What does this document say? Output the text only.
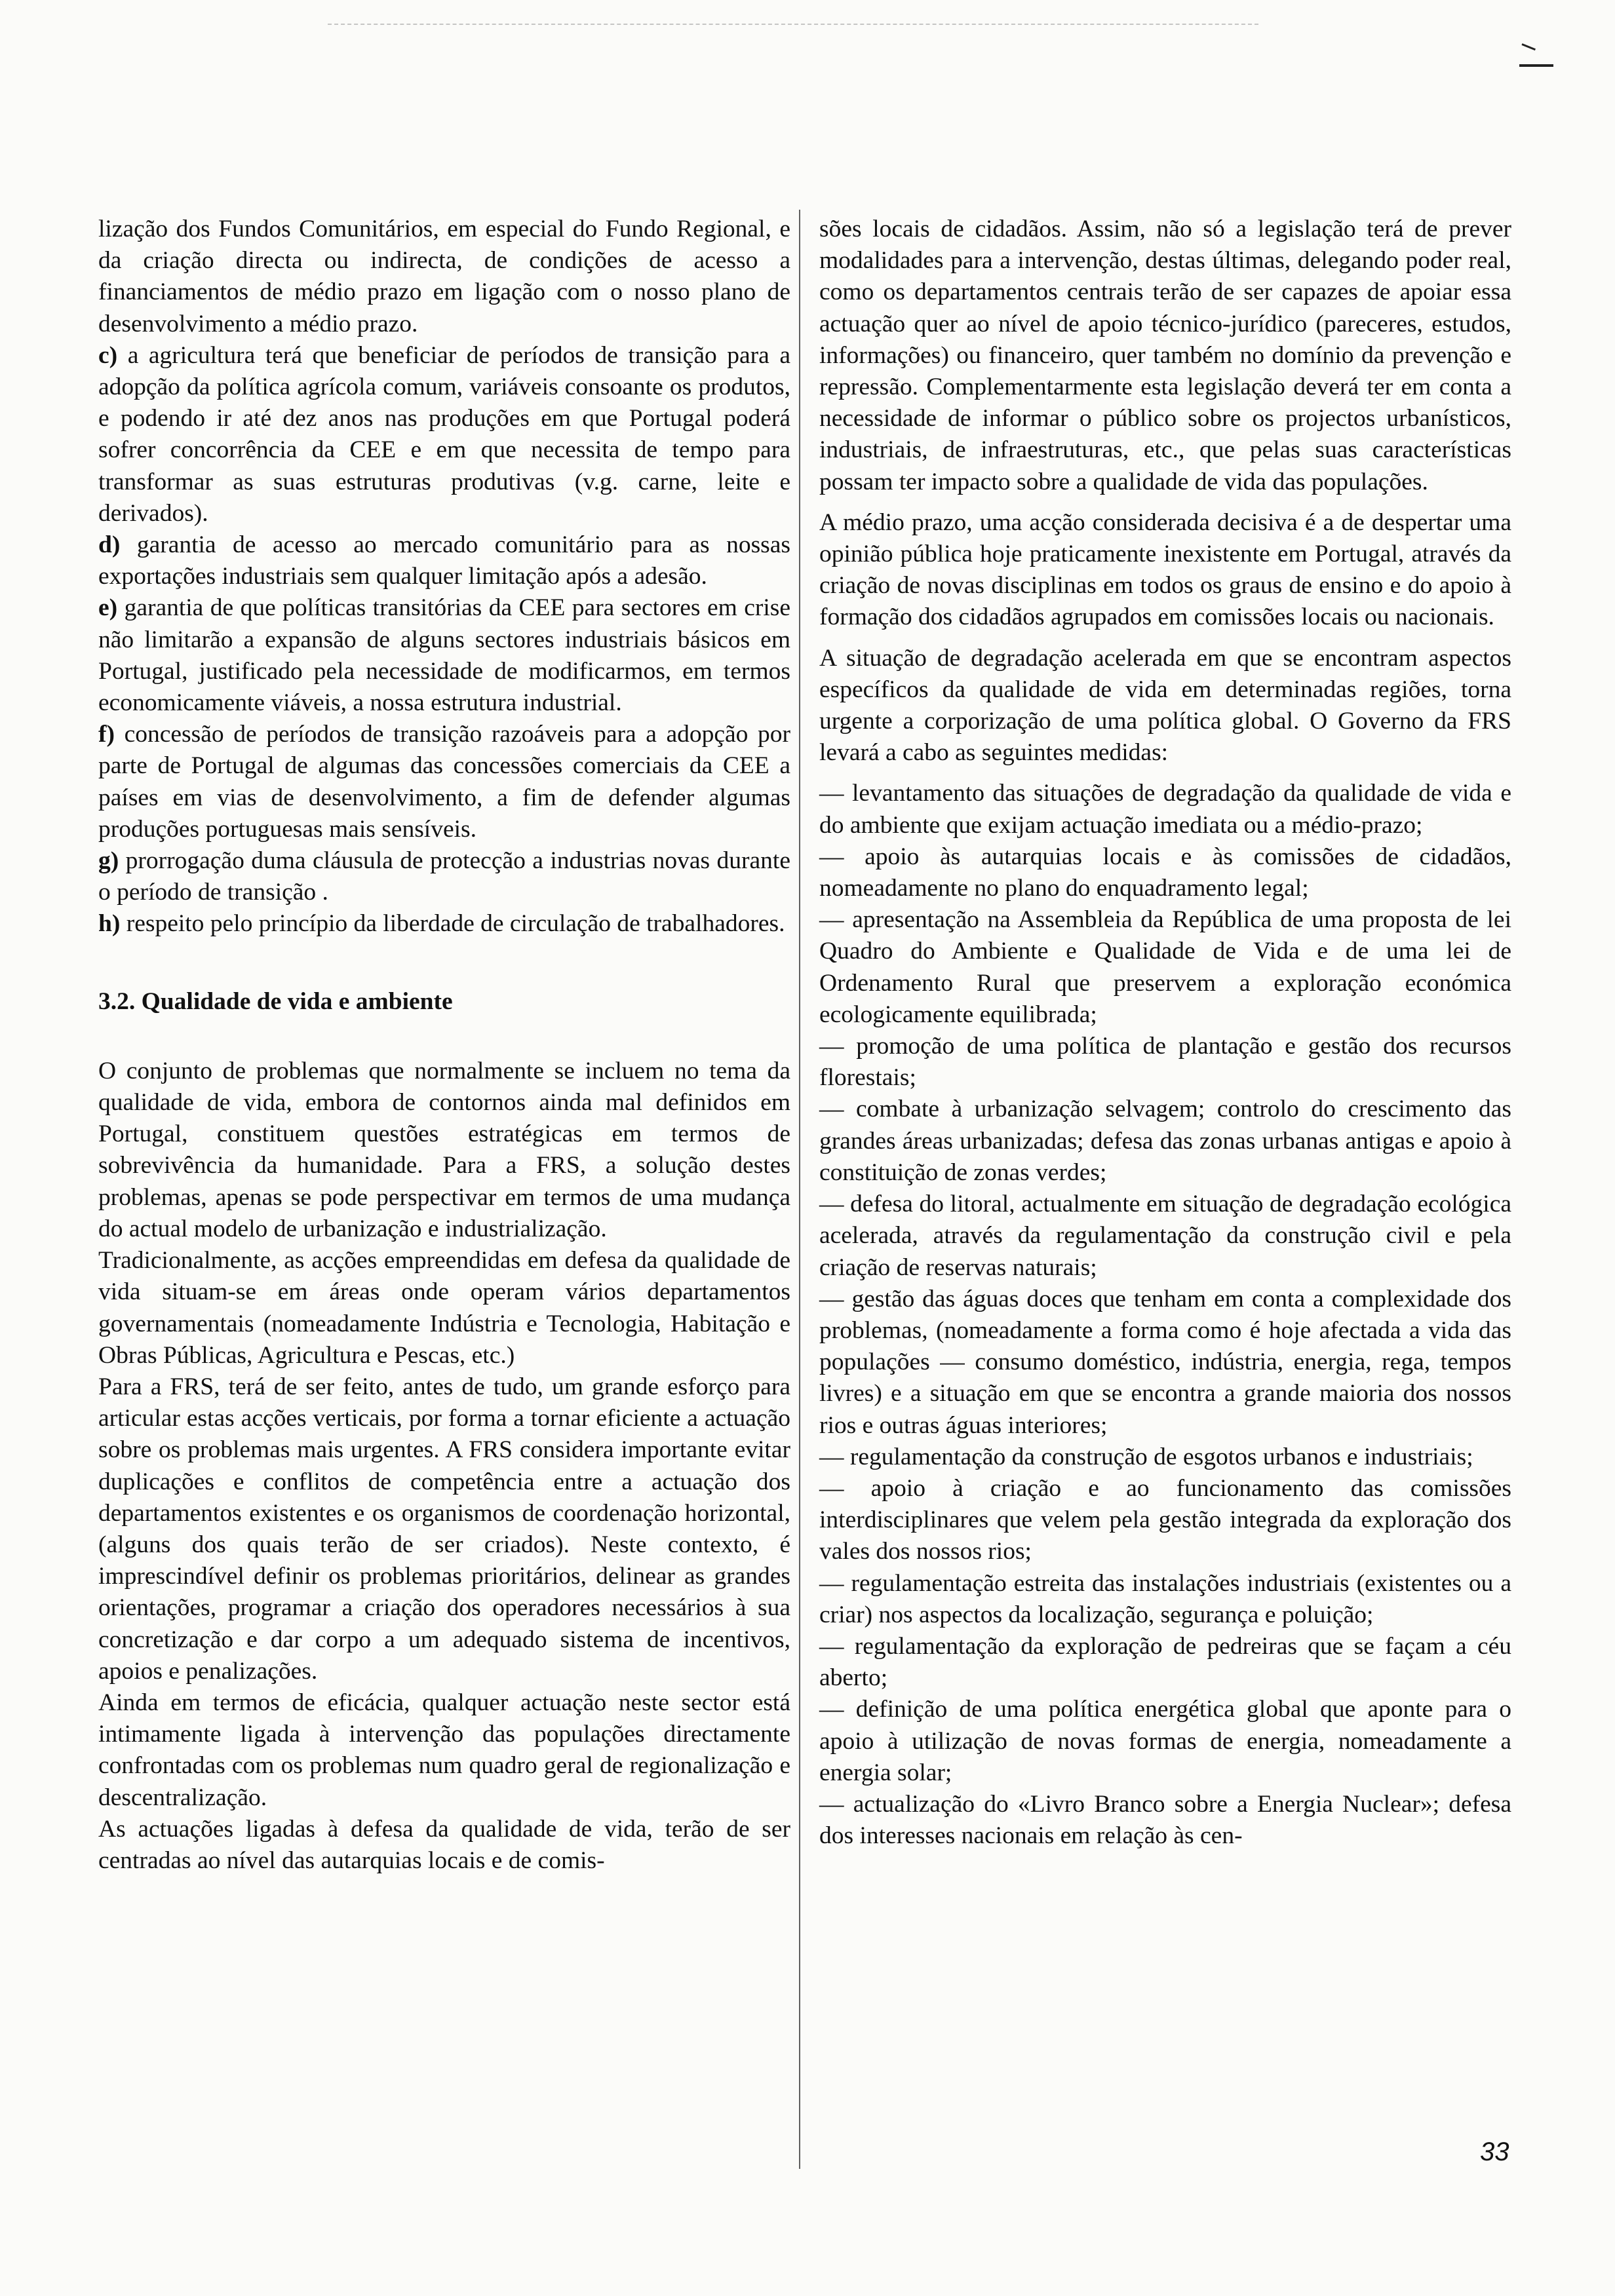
lização dos Fundos Comunitários, em especial do Fundo Regional, e da criação directa ou indirecta, de condições de acesso a financiamentos de médio prazo em ligação com o nosso plano de desenvolvimento a médio prazo.

c) a agricultura terá que beneficiar de períodos de transição para a adopção da política agrícola comum, variáveis consoante os produtos, e podendo ir até dez anos nas produções em que Portugal poderá sofrer concorrência da CEE e em que necessita de tempo para transformar as suas estruturas produtivas (v.g. carne, leite e derivados).

d) garantia de acesso ao mercado comunitário para as nossas exportações industriais sem qualquer limitação após a adesão.

e) garantia de que políticas transitórias da CEE para sectores em crise não limitarão a expansão de alguns sectores industriais básicos em Portugal, justificado pela necessidade de modificarmos, em termos economicamente viáveis, a nossa estrutura industrial.

f) concessão de períodos de transição razoáveis para a adopção por parte de Portugal de algumas das concessões comerciais da CEE a países em vias de desenvolvimento, a fim de defender algumas produções portuguesas mais sensíveis.

g) prorrogação duma cláusula de protecção a industrias novas durante o período de transição .

h) respeito pelo princípio da liberdade de circulação de trabalhadores.

3.2. Qualidade de vida e ambiente

O conjunto de problemas que normalmente se incluem no tema da qualidade de vida, embora de contornos ainda mal definidos em Portugal, constituem questões estratégicas em termos de sobrevivência da humanidade. Para a FRS, a solução destes problemas, apenas se pode perspectivar em termos de uma mudança do actual modelo de urbanização e industrialização.

Tradicionalmente, as acções empreendidas em defesa da qualidade de vida situam-se em áreas onde operam vários departamentos governamentais (nomeadamente Indústria e Tecnologia, Habitação e Obras Públicas, Agricultura e Pescas, etc.)

Para a FRS, terá de ser feito, antes de tudo, um grande esforço para articular estas acções verticais, por forma a tornar eficiente a actuação sobre os problemas mais urgentes. A FRS considera importante evitar duplicações e conflitos de competência entre a actuação dos departamentos existentes e os organismos de coordenação horizontal, (alguns dos quais terão de ser criados). Neste contexto, é imprescindível definir os problemas prioritários, delinear as grandes orientações, programar a criação dos operadores necessários à sua concretização e dar corpo a um adequado sistema de incentivos, apoios e penalizações.

Ainda em termos de eficácia, qualquer actuação neste sector está intimamente ligada à intervenção das populações directamente confrontadas com os problemas num quadro geral de regionalização e descentralização.

As actuações ligadas à defesa da qualidade de vida, terão de ser centradas ao nível das autarquias locais e de comis-

sões locais de cidadãos. Assim, não só a legislação terá de prever modalidades para a intervenção, destas últimas, delegando poder real, como os departamentos centrais terão de ser capazes de apoiar essa actuação quer ao nível de apoio técnico-jurídico (pareceres, estudos, informações) ou financeiro, quer também no domínio da prevenção e repressão. Complementarmente esta legislação deverá ter em conta a necessidade de informar o público sobre os projectos urbanísticos, industriais, de infraestruturas, etc., que pelas suas características possam ter impacto sobre a qualidade de vida das populações.

A médio prazo, uma acção considerada decisiva é a de despertar uma opinião pública hoje praticamente inexistente em Portugal, através da criação de novas disciplinas em todos os graus de ensino e do apoio à formação dos cidadãos agrupados em comissões locais ou nacionais.

A situação de degradação acelerada em que se encontram aspectos específicos da qualidade de vida em determinadas regiões, torna urgente a corporização de uma política global. O Governo da FRS levará a cabo as seguintes medidas:

— levantamento das situações de degradação da qualidade de vida e do ambiente que exijam actuação imediata ou a médio-prazo;

— apoio às autarquias locais e às comissões de cidadãos, nomeadamente no plano do enquadramento legal;

— apresentação na Assembleia da República de uma proposta de lei Quadro do Ambiente e Qualidade de Vida e de uma lei de Ordenamento Rural que preservem a exploração económica ecologicamente equilibrada;

— promoção de uma política de plantação e gestão dos recursos florestais;

— combate à urbanização selvagem; controlo do crescimento das grandes áreas urbanizadas; defesa das zonas urbanas antigas e apoio à constituição de zonas verdes;

— defesa do litoral, actualmente em situação de degradação ecológica acelerada, através da regulamentação da construção civil e pela criação de reservas naturais;

— gestão das águas doces que tenham em conta a complexidade dos problemas, (nomeadamente a forma como é hoje afectada a vida das populações — consumo doméstico, indústria, energia, rega, tempos livres) e a situação em que se encontra a grande maioria dos nossos rios e outras águas interiores;

— regulamentação da construção de esgotos urbanos e industriais;

— apoio à criação e ao funcionamento das comissões interdisciplinares que velem pela gestão integrada da exploração dos vales dos nossos rios;

— regulamentação estreita das instalações industriais (existentes ou a criar) nos aspectos da localização, segurança e poluição;

— regulamentação da exploração de pedreiras que se façam a céu aberto;

— definição de uma política energética global que aponte para o apoio à utilização de novas formas de energia, nomeadamente a energia solar;

— actualização do «Livro Branco sobre a Energia Nuclear»; defesa dos interesses nacionais em relação às cen-

33
